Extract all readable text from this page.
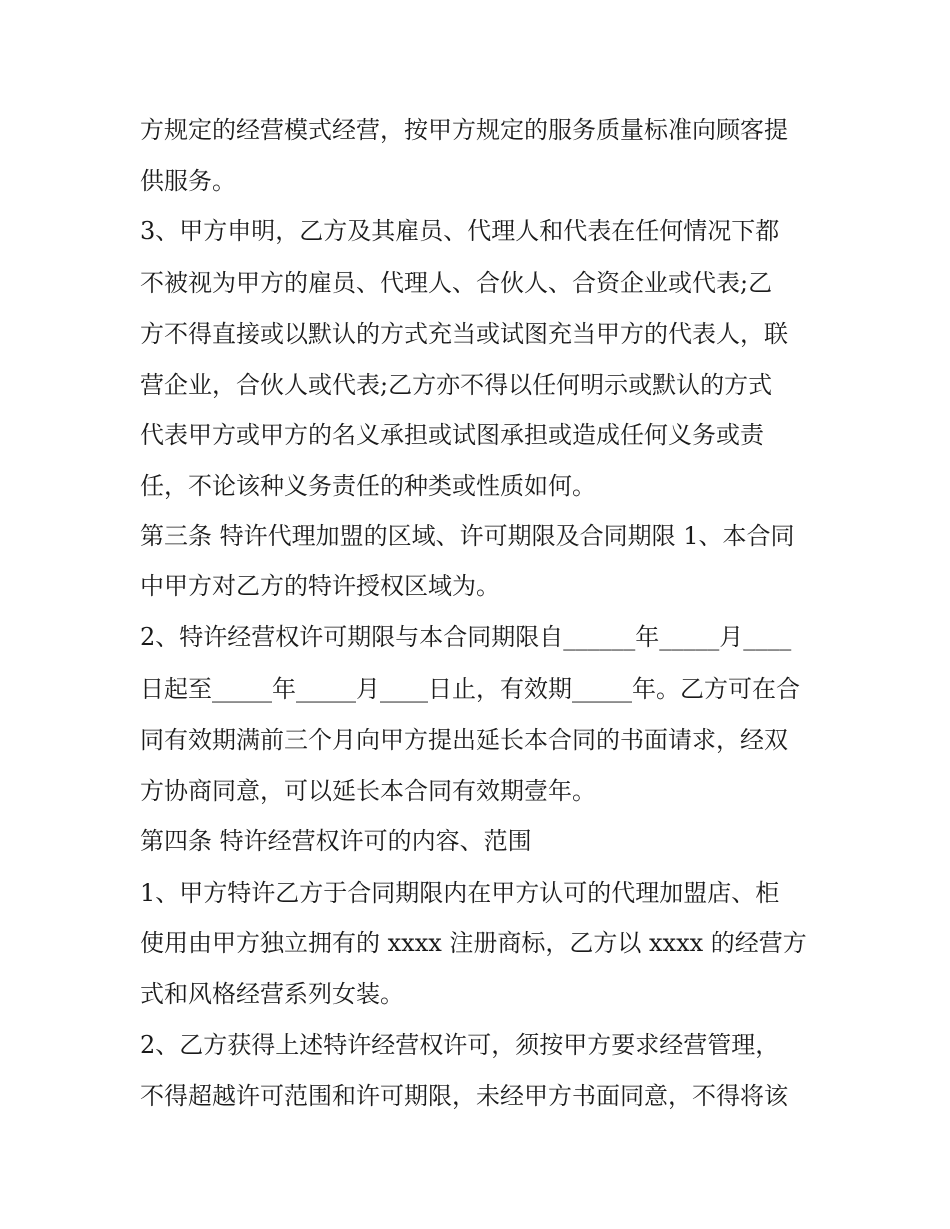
方规定的经营模式经营，按甲方规定的服务质量标准向顾客提
供服务。
3、甲方申明，乙方及其雇员、代理人和代表在任何情况下都
不被视为甲方的雇员、代理人、合伙人、合资企业或代表;乙
方不得直接或以默认的方式充当或试图充当甲方的代表人，联
营企业，合伙人或代表;乙方亦不得以任何明示或默认的方式
代表甲方或甲方的名义承担或试图承担或造成任何义务或责
任，不论该种义务责任的种类或性质如何。
第三条 特许代理加盟的区域、许可期限及合同期限 1、本合同
中甲方对乙方的特许授权区域为。
2、特许经营权许可期限与本合同期限自______年_____月____
日起至_____年_____月____日止，有效期_____年。乙方可在合
同有效期满前三个月向甲方提出延长本合同的书面请求，经双
方协商同意，可以延长本合同有效期壹年。
第四条 特许经营权许可的内容、范围
1、甲方特许乙方于合同期限内在甲方认可的代理加盟店、柜
使用由甲方独立拥有的 xxxx 注册商标，乙方以 xxxx 的经营方
式和风格经营系列女装。
2、乙方获得上述特许经营权许可，须按甲方要求经营管理，
不得超越许可范围和许可期限，未经甲方书面同意，不得将该
